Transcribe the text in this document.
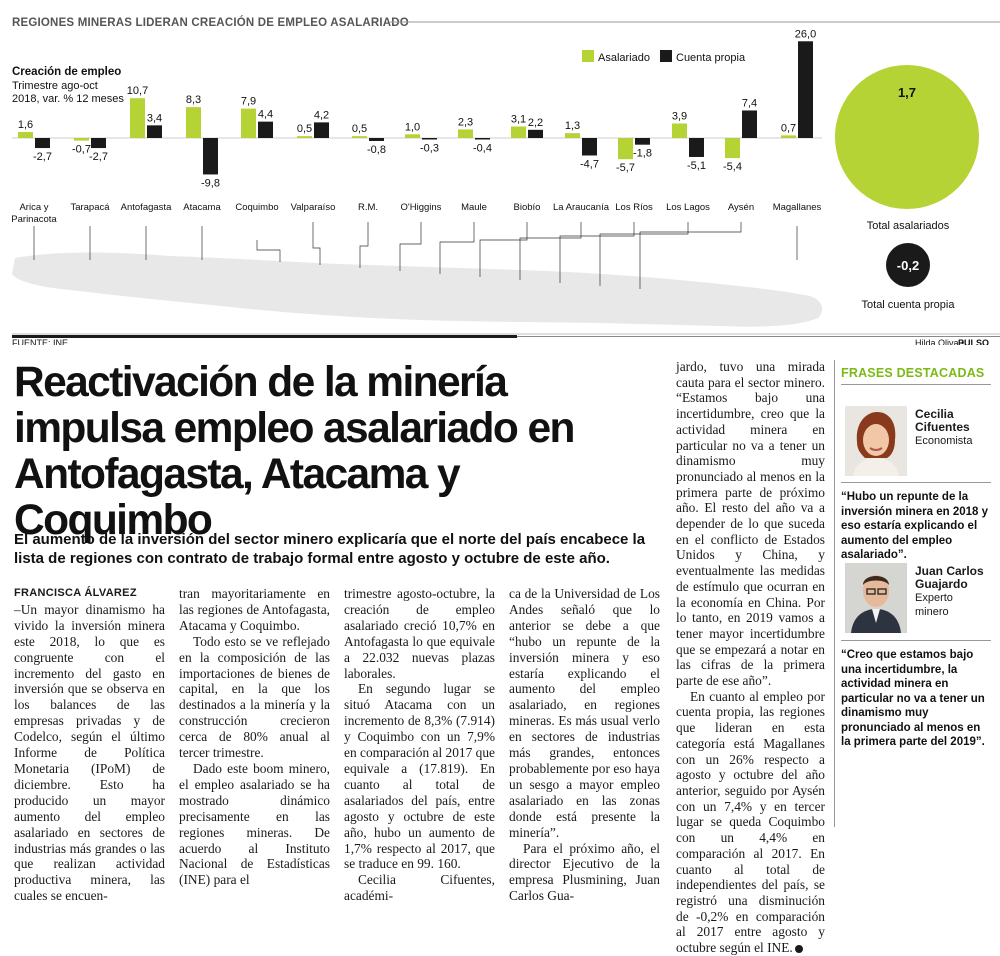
REGIONES MINERAS LIDERAN CREACIÓN DE EMPLEO ASALARIADO
Creación de empleo
Trimestre ago-oct
2018, var. % 12 meses
Asalariado Cuenta propia
1,6
-2,7
Arica y Parinacota
-0,7
-2,7
Tarapacá
10,7
3,4
Antofagasta
8,3
-9,8
Atacama
7,9
4,4
Coquimbo
0,5
4,2
Valparaíso
0,5
-0,8
R.M.
1,0
-0,3
O'Higgins
2,3
-0,4
Maule
3,1 2,2
Biobío
1,3
-4,7
La Araucanía
-5,7
-1,8
Los Ríos
3,9
-5,1
Los Lagos
-5,4
7,4
Aysén
0,7
26,0
Magallanes
1,7
Total asalariados
-0,2
Total cuenta propia
FUENTE: INE	Hilda Oliva •
PULSO
Reactivación de la minería impulsa empleo asalariado en Antofagasta, Atacama y Coquimbo
El aumento de la inversión del sector minero explicaría que el norte del país encabece la lista de regiones con contrato de trabajo formal entre agosto y octubre de este año.
FRANCISCA ÁLVAREZ

–Un mayor dinamismo ha vivido la inversión minera este 2018, lo que es congruente con el incremento del gasto en inversión que se observa en los balances de las empresas privadas y de Codelco, según el último Informe de Política Monetaria (IPoM) de diciembre. Esto ha producido un mayor aumento del empleo asalariado en sectores de industrias más grandes o las que realizan actividad productiva minera, las cuales se encuen-

tran mayoritariamente en las regiones de Antofagasta, Atacama y Coquimbo.

Todo esto se ve reflejado en la composición de las importaciones de bienes de capital, en la que los destinados a la minería y la construcción crecieron cerca de 80% anual al tercer trimestre.

Dado este boom minero, el empleo asalariado se ha mostrado dinámico precisamente en las regiones mineras. De acuerdo al Instituto Nacional de Estadísticas (INE) para el

trimestre agosto-octubre, la creación de empleo asalariado creció 10,7% en Antofagasta lo que equivale a 22.032 nuevas plazas laborales.

En segundo lugar se situó Atacama con un incremento de 8,3% (7.914) y Coquimbo con un 7,9% en comparación al 2017 que equivale a (17.819). En cuanto al total de asalariados del país, entre agosto y octubre de este año, hubo un aumento de 1,7% respecto al 2017, que se traduce en 99. 160.

Cecilia Cifuentes, académi-

ca de la Universidad de Los Andes señaló que lo anterior se debe a que “hubo un repunte de la inversión minera y eso estaría explicando el aumento del empleo asalariado, en regiones mineras. Es más usual verlo en sectores de industrias más grandes, entonces probablemente por eso haya un sesgo a mayor empleo asalariado en las zonas donde está presente la minería”.

Para el próximo año, el director Ejecutivo de la empresa Plusmining, Juan Carlos Gua-

jardo, tuvo una mirada cauta para el sector minero. “Estamos bajo una incertidumbre, creo que la actividad minera en particular no va a tener un dinamismo muy pronunciado al menos en la primera parte de próximo año. El resto del año va a depender de lo que suceda en el conflicto de Estados Unidos y China, y eventualmente las medidas de estímulo que ocurran en la economía en China. Por lo tanto, en 2019 vamos a tener mayor incertidumbre que se empezará a notar en las cifras de la primera parte de ese año”.

En cuanto al empleo por cuenta propia, las regiones que lideran en esta categoría está Magallanes con un 26% respecto a agosto y octubre del año anterior, seguido por Aysén con un 7,4% y en tercer lugar se queda Coquimbo con un 4,4% en comparación al 2017. En cuanto al total de independientes del país, se registró una disminución de -0,2% en comparación al 2017 entre agosto y octubre según el INE.

FRASES DESTACADAS
Cecilia
Cifuentes
Economista
“Hubo un repunte de la inversión minera en 2018 y eso estaría explicando el aumento del empleo asalariado”.
Juan Carlos
Guajardo
Experto
minero
“Creo que estamos bajo una incertidumbre, la actividad minera en particular no va a tener un dinamismo muy pronunciado al menos en la primera parte del 2019”.
